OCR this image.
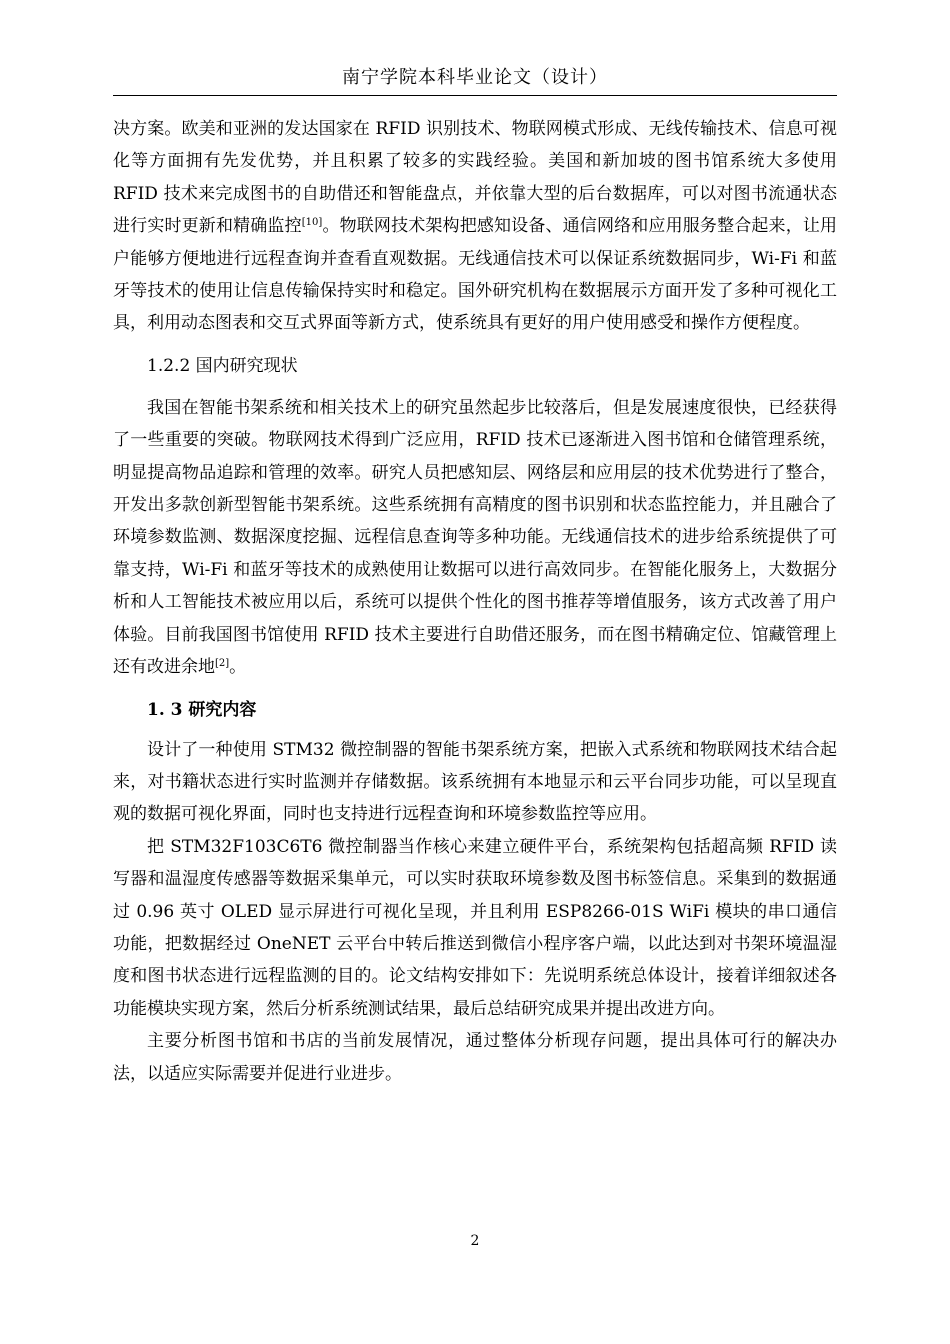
南宁学院本科毕业论文（设计）

决方案。欧美和亚洲的发达国家在 RFID 识别技术、物联网模式形成、无线传输技术、信息可视化等方面拥有先发优势，并且积累了较多的实践经验。美国和新加坡的图书馆系统大多使用 RFID 技术来完成图书的自助借还和智能盘点，并依靠大型的后台数据库，可以对图书流通状态进行实时更新和精确监控[10]。物联网技术架构把感知设备、通信网络和应用服务整合起来，让用户能够方便地进行远程查询并查看直观数据。无线通信技术可以保证系统数据同步，Wi-Fi 和蓝牙等技术的使用让信息传输保持实时和稳定。国外研究机构在数据展示方面开发了多种可视化工具，利用动态图表和交互式界面等新方式，使系统具有更好的用户使用感受和操作方便程度。

1.2.2 国内研究现状

我国在智能书架系统和相关技术上的研究虽然起步比较落后，但是发展速度很快，已经获得了一些重要的突破。物联网技术得到广泛应用，RFID 技术已逐渐进入图书馆和仓储管理系统，明显提高物品追踪和管理的效率。研究人员把感知层、网络层和应用层的技术优势进行了整合，开发出多款创新型智能书架系统。这些系统拥有高精度的图书识别和状态监控能力，并且融合了环境参数监测、数据深度挖掘、远程信息查询等多种功能。无线通信技术的进步给系统提供了可靠支持，Wi-Fi 和蓝牙等技术的成熟使用让数据可以进行高效同步。在智能化服务上，大数据分析和人工智能技术被应用以后，系统可以提供个性化的图书推荐等增值服务，该方式改善了用户体验。目前我国图书馆使用 RFID 技术主要进行自助借还服务，而在图书精确定位、馆藏管理上还有改进余地[2]。

1. 3 研究内容

设计了一种使用 STM32 微控制器的智能书架系统方案，把嵌入式系统和物联网技术结合起来，对书籍状态进行实时监测并存储数据。该系统拥有本地显示和云平台同步功能，可以呈现直观的数据可视化界面，同时也支持进行远程查询和环境参数监控等应用。

把 STM32F103C6T6 微控制器当作核心来建立硬件平台，系统架构包括超高频 RFID 读写器和温湿度传感器等数据采集单元，可以实时获取环境参数及图书标签信息。采集到的数据通过 0.96 英寸 OLED 显示屏进行可视化呈现，并且利用 ESP8266-01S WiFi 模块的串口通信功能，把数据经过 OneNET 云平台中转后推送到微信小程序客户端，以此达到对书架环境温湿度和图书状态进行远程监测的目的。论文结构安排如下：先说明系统总体设计，接着详细叙述各功能模块实现方案，然后分析系统测试结果，最后总结研究成果并提出改进方向。

主要分析图书馆和书店的当前发展情况，通过整体分析现存问题，提出具体可行的解决办法，以适应实际需要并促进行业进步。

2
